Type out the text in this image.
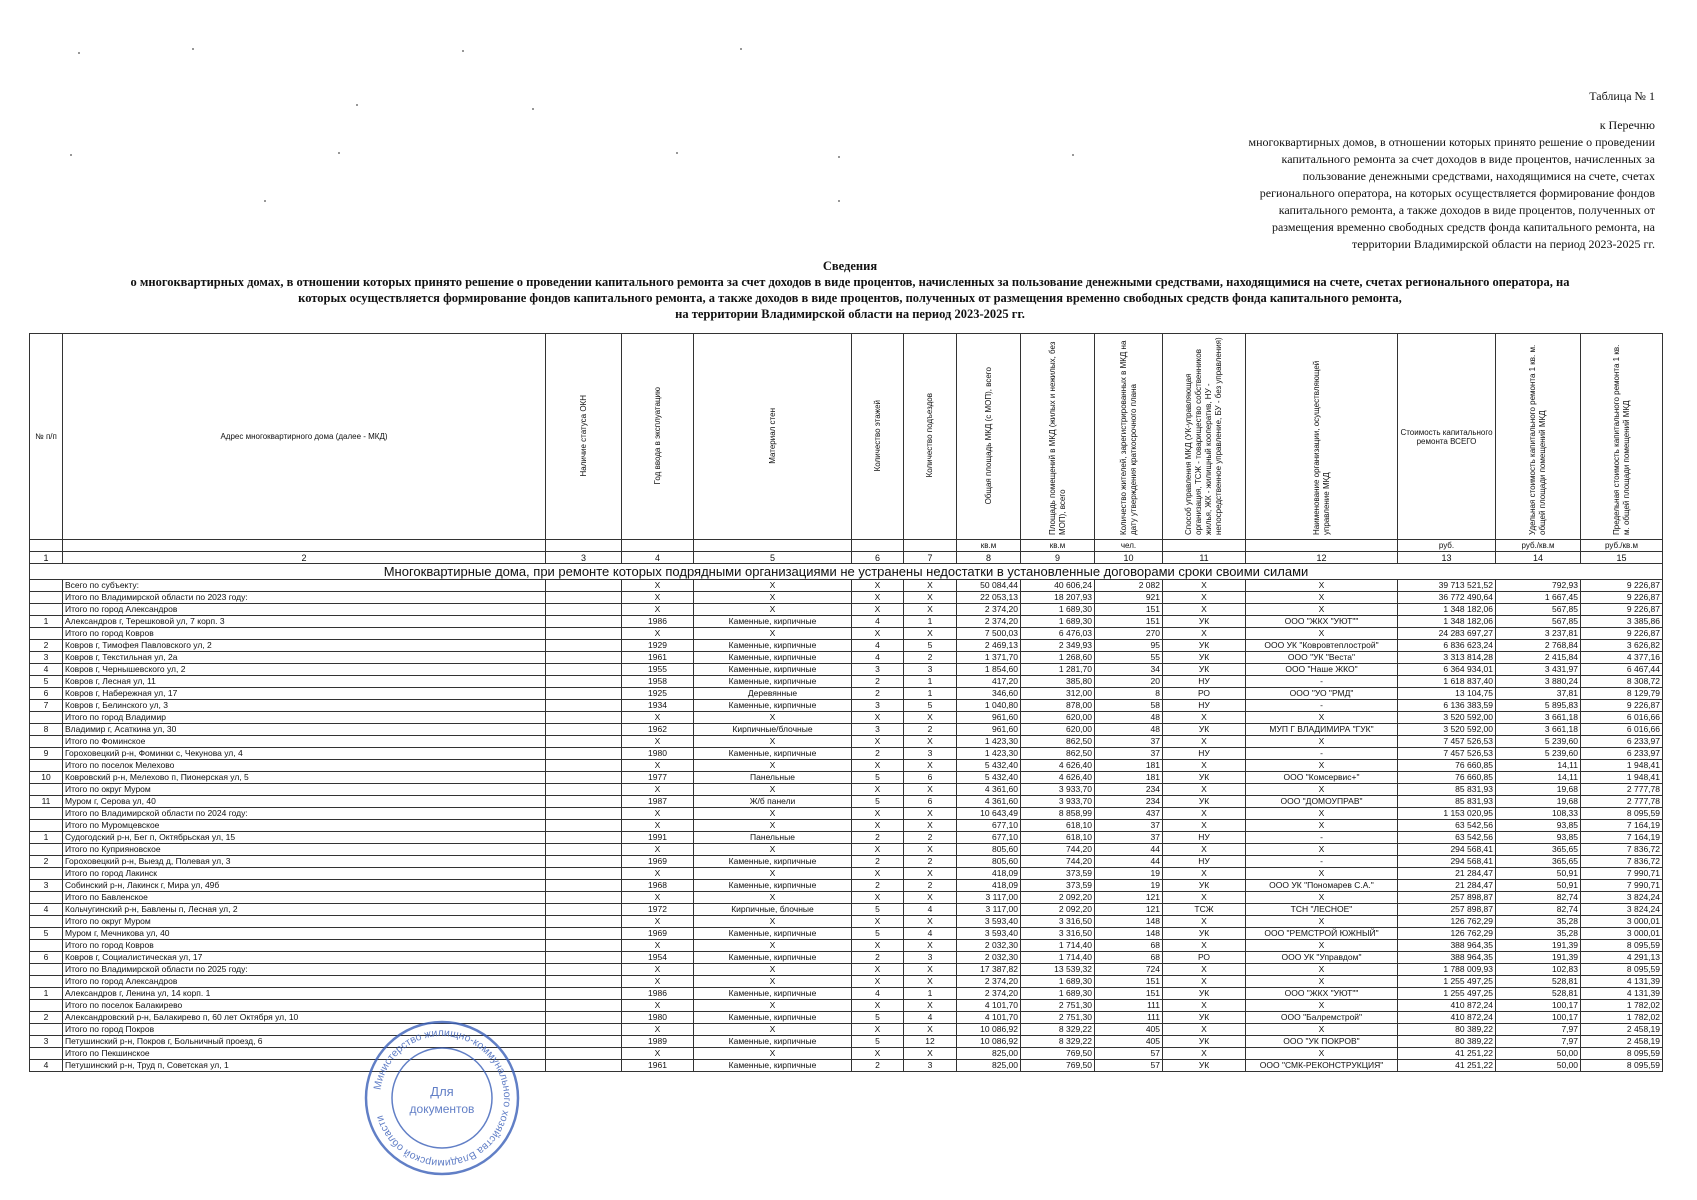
Таблица № 1
к Перечню
многоквартирных домов, в отношении которых принято решение о проведении
капитального ремонта за счет доходов в виде процентов, начисленных за
пользование денежными средствами, находящимися на счете, счетах
регионального оператора, на которых осуществляется формирование фондов
капитального ремонта, а также доходов в виде процентов, полученных от
размещения временно свободных средств фонда капитального ремонта, на
территории Владимирской области на период 2023-2025 гг.
Сведения
о многоквартирных домах, в отношении которых принято решение о проведении капитального ремонта за счет доходов в виде процентов, начисленных за пользование денежными средствами, находящимися на счете, счетах регионального оператора, на
которых осуществляется формирование фондов капитального ремонта, а также доходов в виде процентов, полученных от размещения временно свободных средств фонда капитального ремонта,
на территории Владимирской области на период 2023-2025 гг.
№ п/п	Адрес многоквартирного дома (далее - МКД)	Наличие статуса ОКН	Год ввода в эксплуатацию	Материал стен	Количество этажей	Количество подъездов	Общая площадь МКД (с МОП), всего	Площадь помещений в МКД (жилых и нежилых, без МОП), всего	Количество жителей, зарегистрированных в МКД на дату утверждения краткосрочного плана	Способ управления МКД (УК-управляющая организация, ТСЖ - товарищество собственников жилья, ЖК - жилищный кооператив, НУ - непосредственное управление, БУ - без управления)	Наименование организации, осуществляющей управление МКД	Стоимость капитального ремонта ВСЕГО	Удельная стоимость капитального ремонта 1 кв. м. общей площади помещений МКД	Предельная стоимость капитального ремонта 1 кв. м. общей площади помещений МКД
							кв.м	кв.м	чел.			руб.	руб./кв.м	руб./кв.м
1	2	3	4	5	6	7	8	9	10	11	12	13	14	15
Многоквартирные дома, при ремонте которых подрядными организациями не устранены недостатки в установленные договорами сроки своими силами														
	Всего по субъекту:		X	X	X	X	50 084,44	40 606,24	2 082	X	X	39 713 521,52	792,93	9 226,87
	Итого по Владимирской области по 2023 году:		X	X	X	X	22 053,13	18 207,93	921	X	X	36 772 490,64	1 667,45	9 226,87
	Итого по город Александров		X	X	X	X	2 374,20	1 689,30	151	X	X	1 348 182,06	567,85	9 226,87
1	Александров г, Терешковой ул, 7 корп. 3		1986	Каменные, кирпичные	4	1	2 374,20	1 689,30	151	УК	ООО "ЖКХ "УЮТ""	1 348 182,06	567,85	3 385,86
	Итого по город Ковров		X	X	X	X	7 500,03	6 476,03	270	X	X	24 283 697,27	3 237,81	9 226,87
2	Ковров г, Тимофея Павловского ул, 2		1929	Каменные, кирпичные	4	5	2 469,13	2 349,93	95	УК	ООО УК "Ковровтеплострой"	6 836 623,24	2 768,84	3 626,82
3	Ковров г, Текстильная ул, 2а		1961	Каменные, кирпичные	4	2	1 371,70	1 268,60	55	УК	ООО "УК "Веста"	3 313 814,28	2 415,84	4 377,16
4	Ковров г, Чернышевского ул, 2		1955	Каменные, кирпичные	3	3	1 854,60	1 281,70	34	УК	ООО "Наше ЖКО"	6 364 934,01	3 431,97	6 467,44
5	Ковров г, Лесная ул, 11		1958	Каменные, кирпичные	2	1	417,20	385,80	20	НУ	-	1 618 837,40	3 880,24	8 308,72
6	Ковров г, Набережная ул, 17		1925	Деревянные	2	1	346,60	312,00	8	РО	ООО "УО "РМД"	13 104,75	37,81	8 129,79
7	Ковров г, Белинского ул, 3		1934	Каменные, кирпичные	3	5	1 040,80	878,00	58	НУ	-	6 136 383,59	5 895,83	9 226,87
	Итого по город Владимир		X	X	X	X	961,60	620,00	48	X	X	3 520 592,00	3 661,18	6 016,66
8	Владимир г, Асаткина ул, 30		1962	Кирпичные/блочные	3	2	961,60	620,00	48	УК	МУП Г ВЛАДИМИРА "ГУК"	3 520 592,00	3 661,18	6 016,66
	Итого по Фоминское		X	X	X	X	1 423,30	862,50	37	X	X	7 457 526,53	5 239,60	6 233,97
9	Гороховецкий р-н, Фоминки с, Чекунова ул, 4		1980	Каменные, кирпичные	2	3	1 423,30	862,50	37	НУ	-	7 457 526,53	5 239,60	6 233,97
	Итого по поселок Мелехово		X	X	X	X	5 432,40	4 626,40	181	X	X	76 660,85	14,11	1 948,41
10	Ковровский р-н, Мелехово п, Пионерская ул, 5		1977	Панельные	5	6	5 432,40	4 626,40	181	УК	ООО "Комсервис+"	76 660,85	14,11	1 948,41
	Итого по округ Муром		X	X	X	X	4 361,60	3 933,70	234	X	X	85 831,93	19,68	2 777,78
11	Муром г, Серова ул, 40		1987	Ж/б панели	5	6	4 361,60	3 933,70	234	УК	ООО "ДОМОУПРАВ"	85 831,93	19,68	2 777,78
	Итого по Владимирской области по 2024 году:		X	X	X	X	10 643,49	8 858,99	437	X	X	1 153 020,95	108,33	8 095,59
	Итого по Муромцевское		X	X	X	X	677,10	618,10	37	X	X	63 542,56	93,85	7 164,19
1	Судогодский р-н, Бег п, Октябрьская ул, 15		1991	Панельные	2	2	677,10	618,10	37	НУ	-	63 542,56	93,85	7 164,19
	Итого по Куприяновское		X	X	X	X	805,60	744,20	44	X	X	294 568,41	365,65	7 836,72
2	Гороховецкий р-н, Выезд д, Полевая ул, 3		1969	Каменные, кирпичные	2	2	805,60	744,20	44	НУ	-	294 568,41	365,65	7 836,72
	Итого по город Лакинск		X	X	X	X	418,09	373,59	19	X	X	21 284,47	50,91	7 990,71
3	Собинский р-н, Лакинск г, Мира ул, 49б		1968	Каменные, кирпичные	2	2	418,09	373,59	19	УК	ООО УК "Пономарев С.А."	21 284,47	50,91	7 990,71
	Итого по Бавленское		X	X	X	X	3 117,00	2 092,20	121	X	X	257 898,87	82,74	3 824,24
4	Кольчугинский р-н, Бавлены п, Лесная ул, 2		1972	Кирпичные, блочные	5	4	3 117,00	2 092,20	121	ТСЖ	ТСН "ЛЕСНОЕ"	257 898,87	82,74	3 824,24
	Итого по округ Муром		X	X	X	X	3 593,40	3 316,50	148	X	X	126 762,29	35,28	3 000,01
5	Муром г, Мечникова ул, 40		1969	Каменные, кирпичные	5	4	3 593,40	3 316,50	148	УК	ООО "РЕМСТРОЙ ЮЖНЫЙ"	126 762,29	35,28	3 000,01
	Итого по город Ковров		X	X	X	X	2 032,30	1 714,40	68	X	X	388 964,35	191,39	8 095,59
6	Ковров г, Социалистическая ул, 17		1954	Каменные, кирпичные	2	3	2 032,30	1 714,40	68	РО	ООО УК "Управдом"	388 964,35	191,39	4 291,13
	Итого по Владимирской области по 2025 году:		X	X	X	X	17 387,82	13 539,32	724	X	X	1 788 009,93	102,83	8 095,59
	Итого по город Александров		X	X	X	X	2 374,20	1 689,30	151	X	X	1 255 497,25	528,81	4 131,39
1	Александров г, Ленина ул, 14 корп. 1		1986	Каменные, кирпичные	4	1	2 374,20	1 689,30	151	УК	ООО "ЖКХ "УЮТ""	1 255 497,25	528,81	4 131,39
	Итого по поселок Балакирево		X	X	X	X	4 101,70	2 751,30	111	X	X	410 872,24	100,17	1 782,02
2	Александровский р-н, Балакирево п, 60 лет Октября ул, 10		1980	Каменные, кирпичные	5	4	4 101,70	2 751,30	111	УК	ООО "Балремстрой"	410 872,24	100,17	1 782,02
	Итого по город Покров		X	X	X	X	10 086,92	8 329,22	405	X	X	80 389,22	7,97	2 458,19
3	Петушинский р-н, Покров г, Больничный проезд, 6		1989	Каменные, кирпичные	5	12	10 086,92	8 329,22	405	УК	ООО "УК ПОКРОВ"	80 389,22	7,97	2 458,19
	Итого по Пекшинское		X	X	X	X	825,00	769,50	57	X	X	41 251,22	50,00	8 095,59
4	Петушинский р-н, Труд п, Советская ул, 1		1961	Каменные, кирпичные	2	3	825,00	769,50	57	УК	ООО "СМК-РЕКОНСТРУКЦИЯ"	41 251,22	50,00	8 095,59
Министерство жилищно-коммунального хозяйства Владимирской области
Для
документов
